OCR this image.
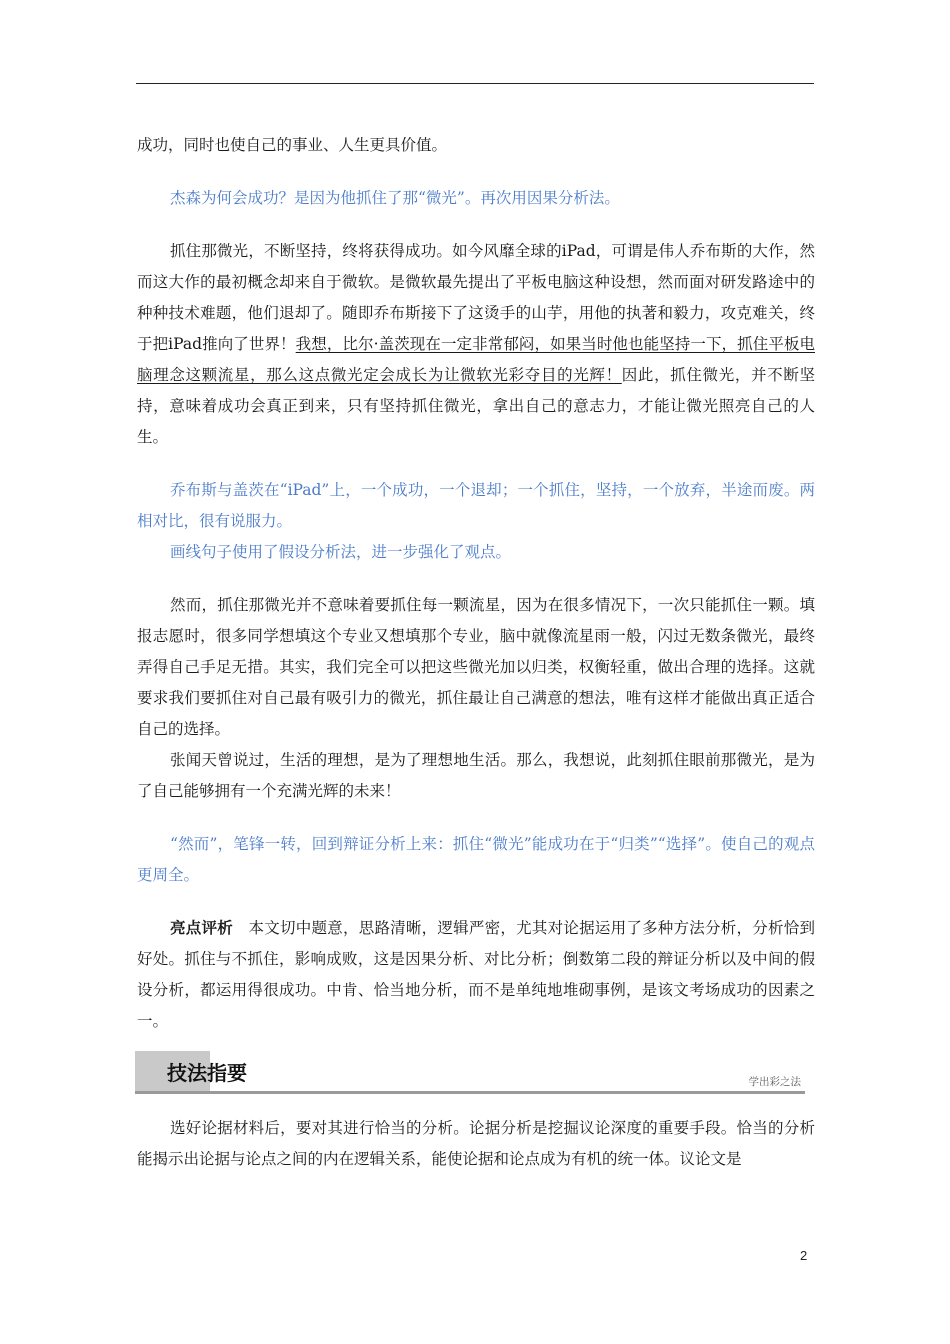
成功，同时也使自己的事业、人生更具价值。

杰森为何会成功？是因为他抓住了那“微光”。再次用因果分析法。

抓住那微光，不断坚持，终将获得成功。如今风靡全球的iPad，可谓是伟人乔布斯的大作，然而这大作的最初概念却来自于微软。是微软最先提出了平板电脑这种设想，然而面对研发路途中的种种技术难题，他们退却了。随即乔布斯接下了这烫手的山芋，用他的执著和毅力，攻克难关，终于把iPad推向了世界！我想，比尔·盖茨现在一定非常郁闷，如果当时他也能坚持一下，抓住平板电脑理念这颗流星，那么这点微光定会成长为让微软光彩夺目的光辉！因此，抓住微光，并不断坚持，意味着成功会真正到来，只有坚持抓住微光，拿出自己的意志力，才能让微光照亮自己的人生。

乔布斯与盖茨在“iPad”上，一个成功，一个退却；一个抓住，坚持，一个放弃，半途而废。两相对比，很有说服力。

画线句子使用了假设分析法，进一步强化了观点。

然而，抓住那微光并不意味着要抓住每一颗流星，因为在很多情况下，一次只能抓住一颗。填报志愿时，很多同学想填这个专业又想填那个专业，脑中就像流星雨一般，闪过无数条微光，最终弄得自己手足无措。其实，我们完全可以把这些微光加以归类，权衡轻重，做出合理的选择。这就要求我们要抓住对自己最有吸引力的微光，抓住最让自己满意的想法，唯有这样才能做出真正适合自己的选择。

张闻天曾说过，生活的理想，是为了理想地生活。那么，我想说，此刻抓住眼前那微光，是为了自己能够拥有一个充满光辉的未来！

“然而”，笔锋一转，回到辩证分析上来：抓住“微光”能成功在于“归类”“选择”。使自己的观点更周全。

亮点评析 本文切中题意，思路清晰，逻辑严密，尤其对论据运用了多种方法分析，分析恰到好处。抓住与不抓住，影响成败，这是因果分析、对比分析；倒数第二段的辩证分析以及中间的假设分析，都运用得很成功。中肯、恰当地分析，而不是单纯地堆砌事例，是该文考场成功的因素之一。

技法指要	学出彩之法

选好论据材料后，要对其进行恰当的分析。论据分析是挖掘议论深度的重要手段。恰当的分析能揭示出论据与论点之间的内在逻辑关系，能使论据和论点成为有机的统一体。议论文是

2
